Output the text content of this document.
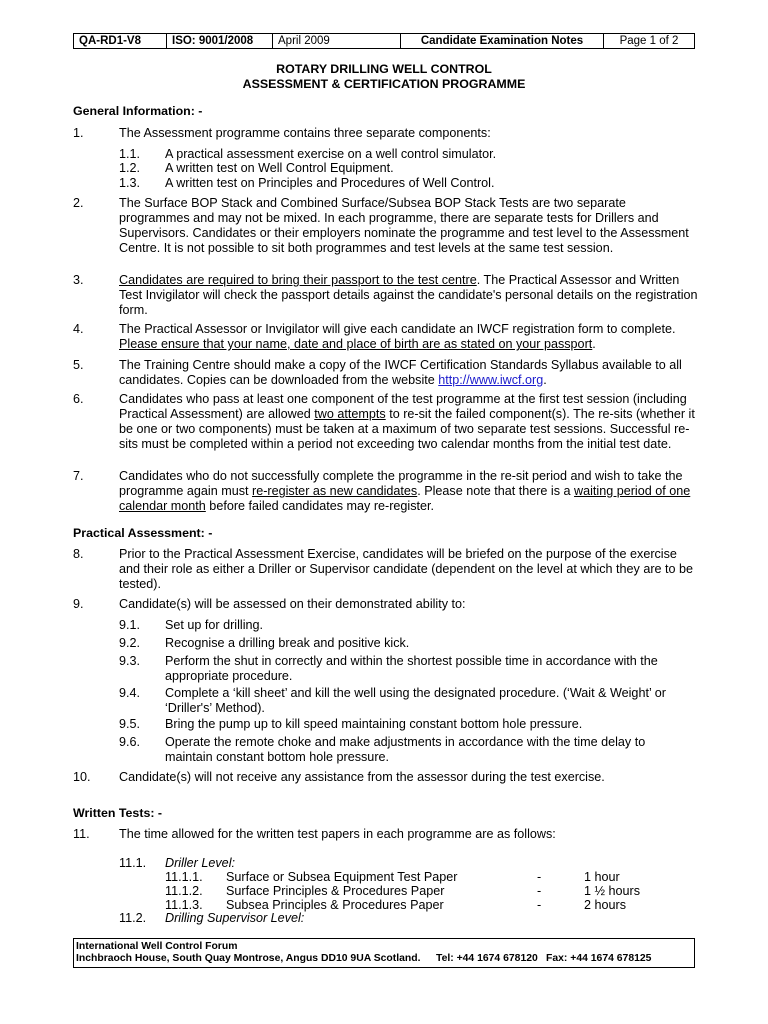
QA-RD1-V8	ISO: 9001/2008	April 2009	Candidate Examination Notes	Page 1 of 2
ROTARY DRILLING WELL CONTROL
ASSESSMENT & CERTIFICATION PROGRAMME
General Information: -
1.	The Assessment programme contains three separate components:
1.1. A practical assessment exercise on a well control simulator.
1.2. A written test on Well Control Equipment.
1.3. A written test on Principles and Procedures of Well Control.
2.	The Surface BOP Stack and Combined Surface/Subsea BOP Stack Tests are two separate programmes and may not be mixed. In each programme, there are separate tests for Drillers and Supervisors. Candidates or their employers nominate the programme and test level to the Assessment Centre. It is not possible to sit both programmes and test levels at the same test session.
3.	Candidates are required to bring their passport to the test centre. The Practical Assessor and Written Test Invigilator will check the passport details against the candidate's personal details on the registration form.
4.	The Practical Assessor or Invigilator will give each candidate an IWCF registration form to complete. Please ensure that your name, date and place of birth are as stated on your passport.
5.	The Training Centre should make a copy of the IWCF Certification Standards Syllabus available to all candidates. Copies can be downloaded from the website http://www.iwcf.org.
6.	Candidates who pass at least one component of the test programme at the first test session (including Practical Assessment) are allowed two attempts to re-sit the failed component(s). The re-sits (whether it be one or two components) must be taken at a maximum of two separate test sessions. Successful re-sits must be completed within a period not exceeding two calendar months from the initial test date.
7.	Candidates who do not successfully complete the programme in the re-sit period and wish to take the programme again must re-register as new candidates. Please note that there is a waiting period of one calendar month before failed candidates may re-register.
Practical Assessment: -
8.	Prior to the Practical Assessment Exercise, candidates will be briefed on the purpose of the exercise and their role as either a Driller or Supervisor candidate (dependent on the level at which they are to be tested).
9.	Candidate(s) will be assessed on their demonstrated ability to:
9.1. Set up for drilling.
9.2. Recognise a drilling break and positive kick.
9.3. Perform the shut in correctly and within the shortest possible time in accordance with the appropriate procedure.
9.4. Complete a ‘kill sheet’ and kill the well using the designated procedure. (‘Wait & Weight’ or ‘Driller's’ Method).
9.5. Bring the pump up to kill speed maintaining constant bottom hole pressure.
9.6. Operate the remote choke and make adjustments in accordance with the time delay to maintain constant bottom hole pressure.
10. Candidate(s) will not receive any assistance from the assessor during the test exercise.
Written Tests: -
11. The time allowed for the written test papers in each programme are as follows:
11.1. Driller Level:
11.1.1. Surface or Subsea Equipment Test Paper	-	1 hour
11.1.2. Surface Principles & Procedures Paper	-	1 ½ hours
11.1.3. Subsea Principles & Procedures Paper	-	2 hours
11.2. Drilling Supervisor Level:
International Well Control Forum
Inchbraoch House, South Quay Montrose, Angus DD10 9UA Scotland.	Tel: +44 1674 678120 Fax: +44 1674 678125
